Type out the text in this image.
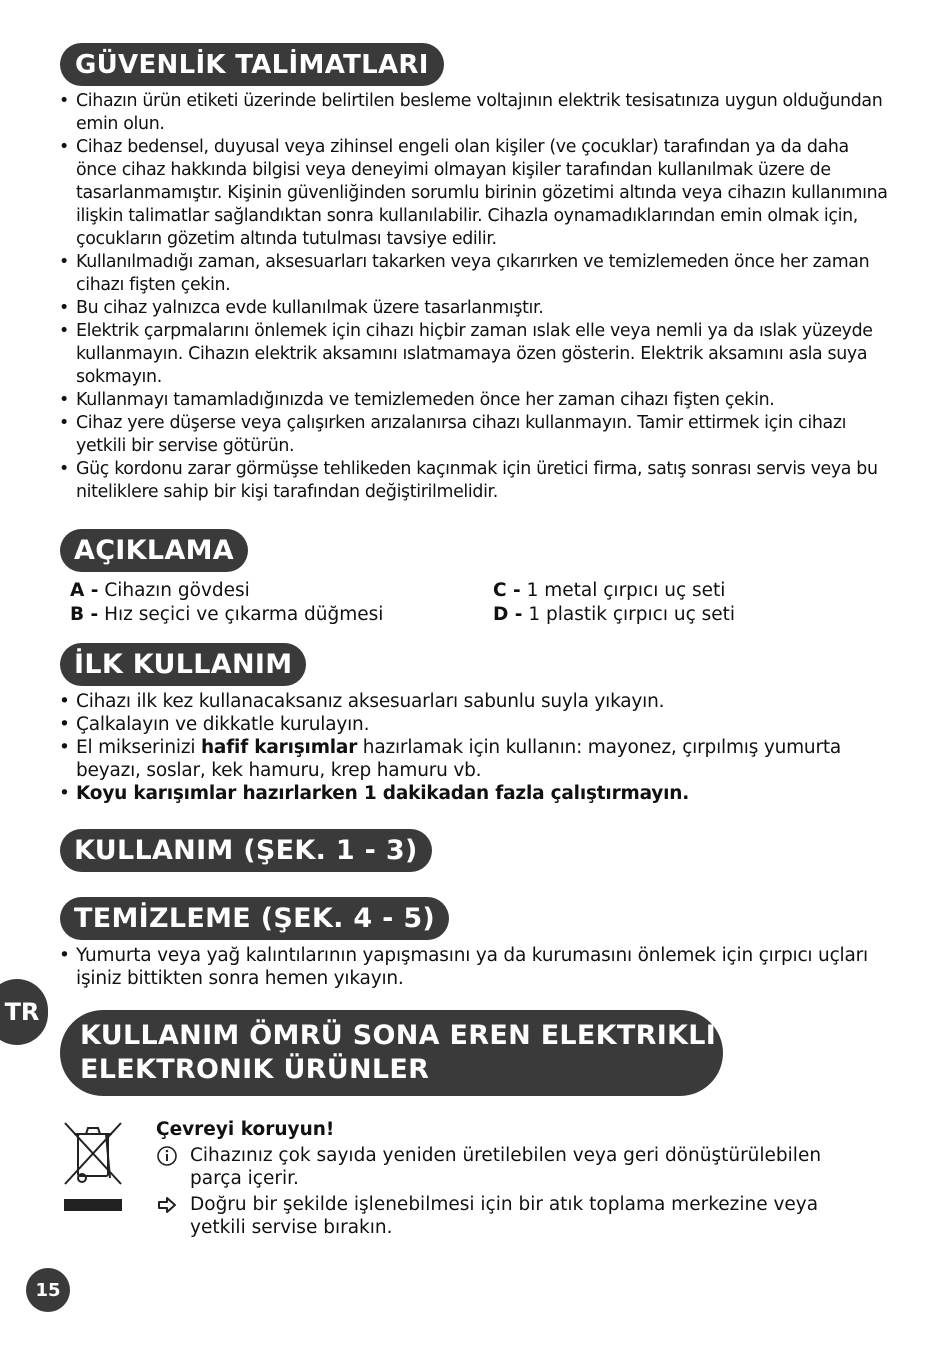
GÜVENLİK TALİMATLARI
• Cihazın ürün etiketi üzerinde belirtilen besleme voltajının elektrik tesisatınıza uygun olduğundan emin olun.
• Cihaz bedensel, duyusal veya zihinsel engeli olan kişiler (ve çocuklar) tarafından ya da daha önce cihaz hakkında bilgisi veya deneyimi olmayan kişiler tarafından kullanılmak üzere de tasarlanmamıştır. Kişinin güvenliğinden sorumlu birinin gözetimi altında veya cihazın kullanımına ilişkin talimatlar sağlandıktan sonra kullanılabilir. Cihazla oynamadıklarından emin olmak için, çocukların gözetim altında tutulması tavsiye edilir.
• Kullanılmadığı zaman, aksesuarları takarken veya çıkarırken ve temizlemeden önce her zaman cihazı fişten çekin.
• Bu cihaz yalnızca evde kullanılmak üzere tasarlanmıştır.
• Elektrik çarpmalarını önlemek için cihazı hiçbir zaman ıslak elle veya nemli ya da ıslak yüzeyde kullanmayın. Cihazın elektrik aksamını ıslatmamaya özen gösterin. Elektrik aksamını asla suya sokmayın.
• Kullanmayı tamamladığınızda ve temizlemeden önce her zaman cihazı fişten çekin.
• Cihaz yere düşerse veya çalışırken arızalanırsa cihazı kullanmayın. Tamir ettirmek için cihazı yetkili bir servise götürün.
• Güç kordonu zarar görmüşse tehlikeden kaçınmak için üretici firma, satış sonrası servis veya bu niteliklere sahip bir kişi tarafından değiştirilmelidir.
AÇIKLAMA
A - Cihazın gövdesi
B - Hız seçici ve çıkarma düğmesi
C - 1 metal çırpıcı uç seti
D - 1 plastik çırpıcı uç seti
İLK KULLANIM
• Cihazı ilk kez kullanacaksanız aksesuarları sabunlu suyla yıkayın.
• Çalkalayın ve dikkatle kurulayın.
• El mikserinizi hafif karışımlar hazırlamak için kullanın: mayonez, çırpılmış yumurta beyazı, soslar, kek hamuru, krep hamuru vb.
• Koyu karışımlar hazırlarken 1 dakikadan fazla çalıştırmayın.
KULLANIM (ŞEK. 1 - 3)
TEMİZLEME (ŞEK. 4 - 5)
• Yumurta veya yağ kalıntılarının yapışmasını ya da kurumasını önlemek için çırpıcı uçları işiniz bittikten sonra hemen yıkayın.
TR
KULLANIM ÖMRÜ SONA EREN ELEKTRIKLI VE
ELEKTRONIK ÜRÜNLER
Çevreyi koruyun!
Cihazınız çok sayıda yeniden üretilebilen veya geri dönüştürülebilen parça içerir.
Doğru bir şekilde işlenebilmesi için bir atık toplama merkezine veya yetkili servise bırakın.
15
